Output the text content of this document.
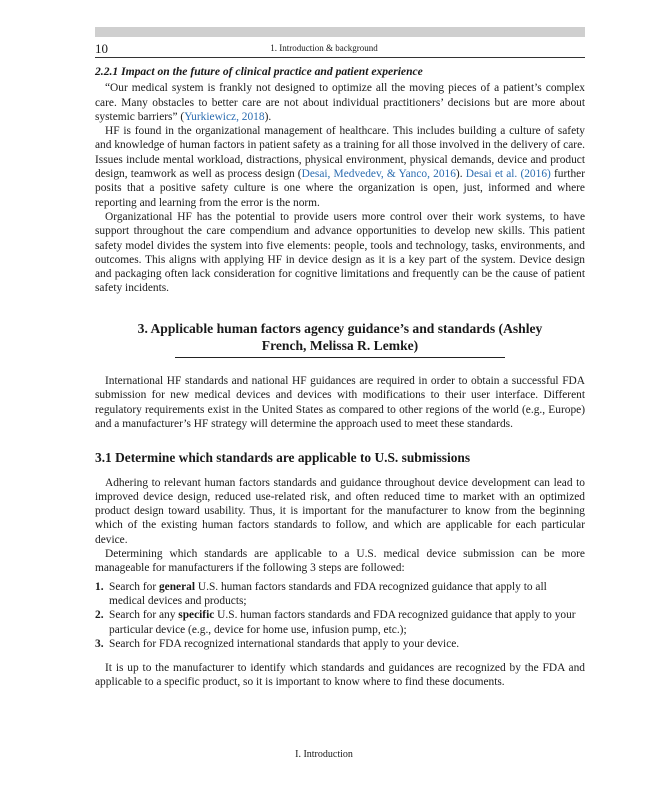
10	1. Introduction & background
2.2.1 Impact on the future of clinical practice and patient experience

“Our medical system is frankly not designed to optimize all the moving pieces of a patient’s complex care. Many obstacles to better care are not about individual practitioners’ decisions but are more about systemic barriers” (Yurkiewicz, 2018).

HF is found in the organizational management of healthcare. This includes building a culture of safety and knowledge of human factors in patient safety as a training for all those involved in the delivery of care. Issues include mental workload, distractions, physical environment, physical demands, device and product design, teamwork as well as process design (Desai, Medvedev, & Yanco, 2016). Desai et al. (2016) further posits that a positive safety culture is one where the organization is open, just, informed and where reporting and learning from the error is the norm.

Organizational HF has the potential to provide users more control over their work systems, to have support throughout the care compendium and advance opportunities to develop new skills. This patient safety model divides the system into five elements: people, tools and technology, tasks, environments, and outcomes. This aligns with applying HF in device design as it is a key part of the system. Device design and packaging often lack consideration for cognitive limitations and frequently can be the cause of patient safety incidents.

3. Applicable human factors agency guidance’s and standards (Ashley
French, Melissa R. Lemke)

International HF standards and national HF guidances are required in order to obtain a successful FDA submission for new medical devices and devices with modifications to their user interface. Different regulatory requirements exist in the United States as compared to other regions of the world (e.g., Europe) and a manufacturer’s HF strategy will determine the approach used to meet these standards.

3.1 Determine which standards are applicable to U.S. submissions

Adhering to relevant human factors standards and guidance throughout device development can lead to improved device design, reduced use-related risk, and often reduced time to market with an optimized product design toward usability. Thus, it is important for the manufacturer to know from the beginning which of the existing human factors standards to follow, and which are applicable for each particular device.

Determining which standards are applicable to a U.S. medical device submission can be more manageable for manufacturers if the following 3 steps are followed:

1. Search for general U.S. human factors standards and FDA recognized guidance that apply to all medical devices and products;
2. Search for any specific U.S. human factors standards and FDA recognized guidance that apply to your particular device (e.g., device for home use, infusion pump, etc.);
3. Search for FDA recognized international standards that apply to your device.

It is up to the manufacturer to identify which standards and guidances are recognized by the FDA and applicable to a specific product, so it is important to know where to find these documents.

I. Introduction
